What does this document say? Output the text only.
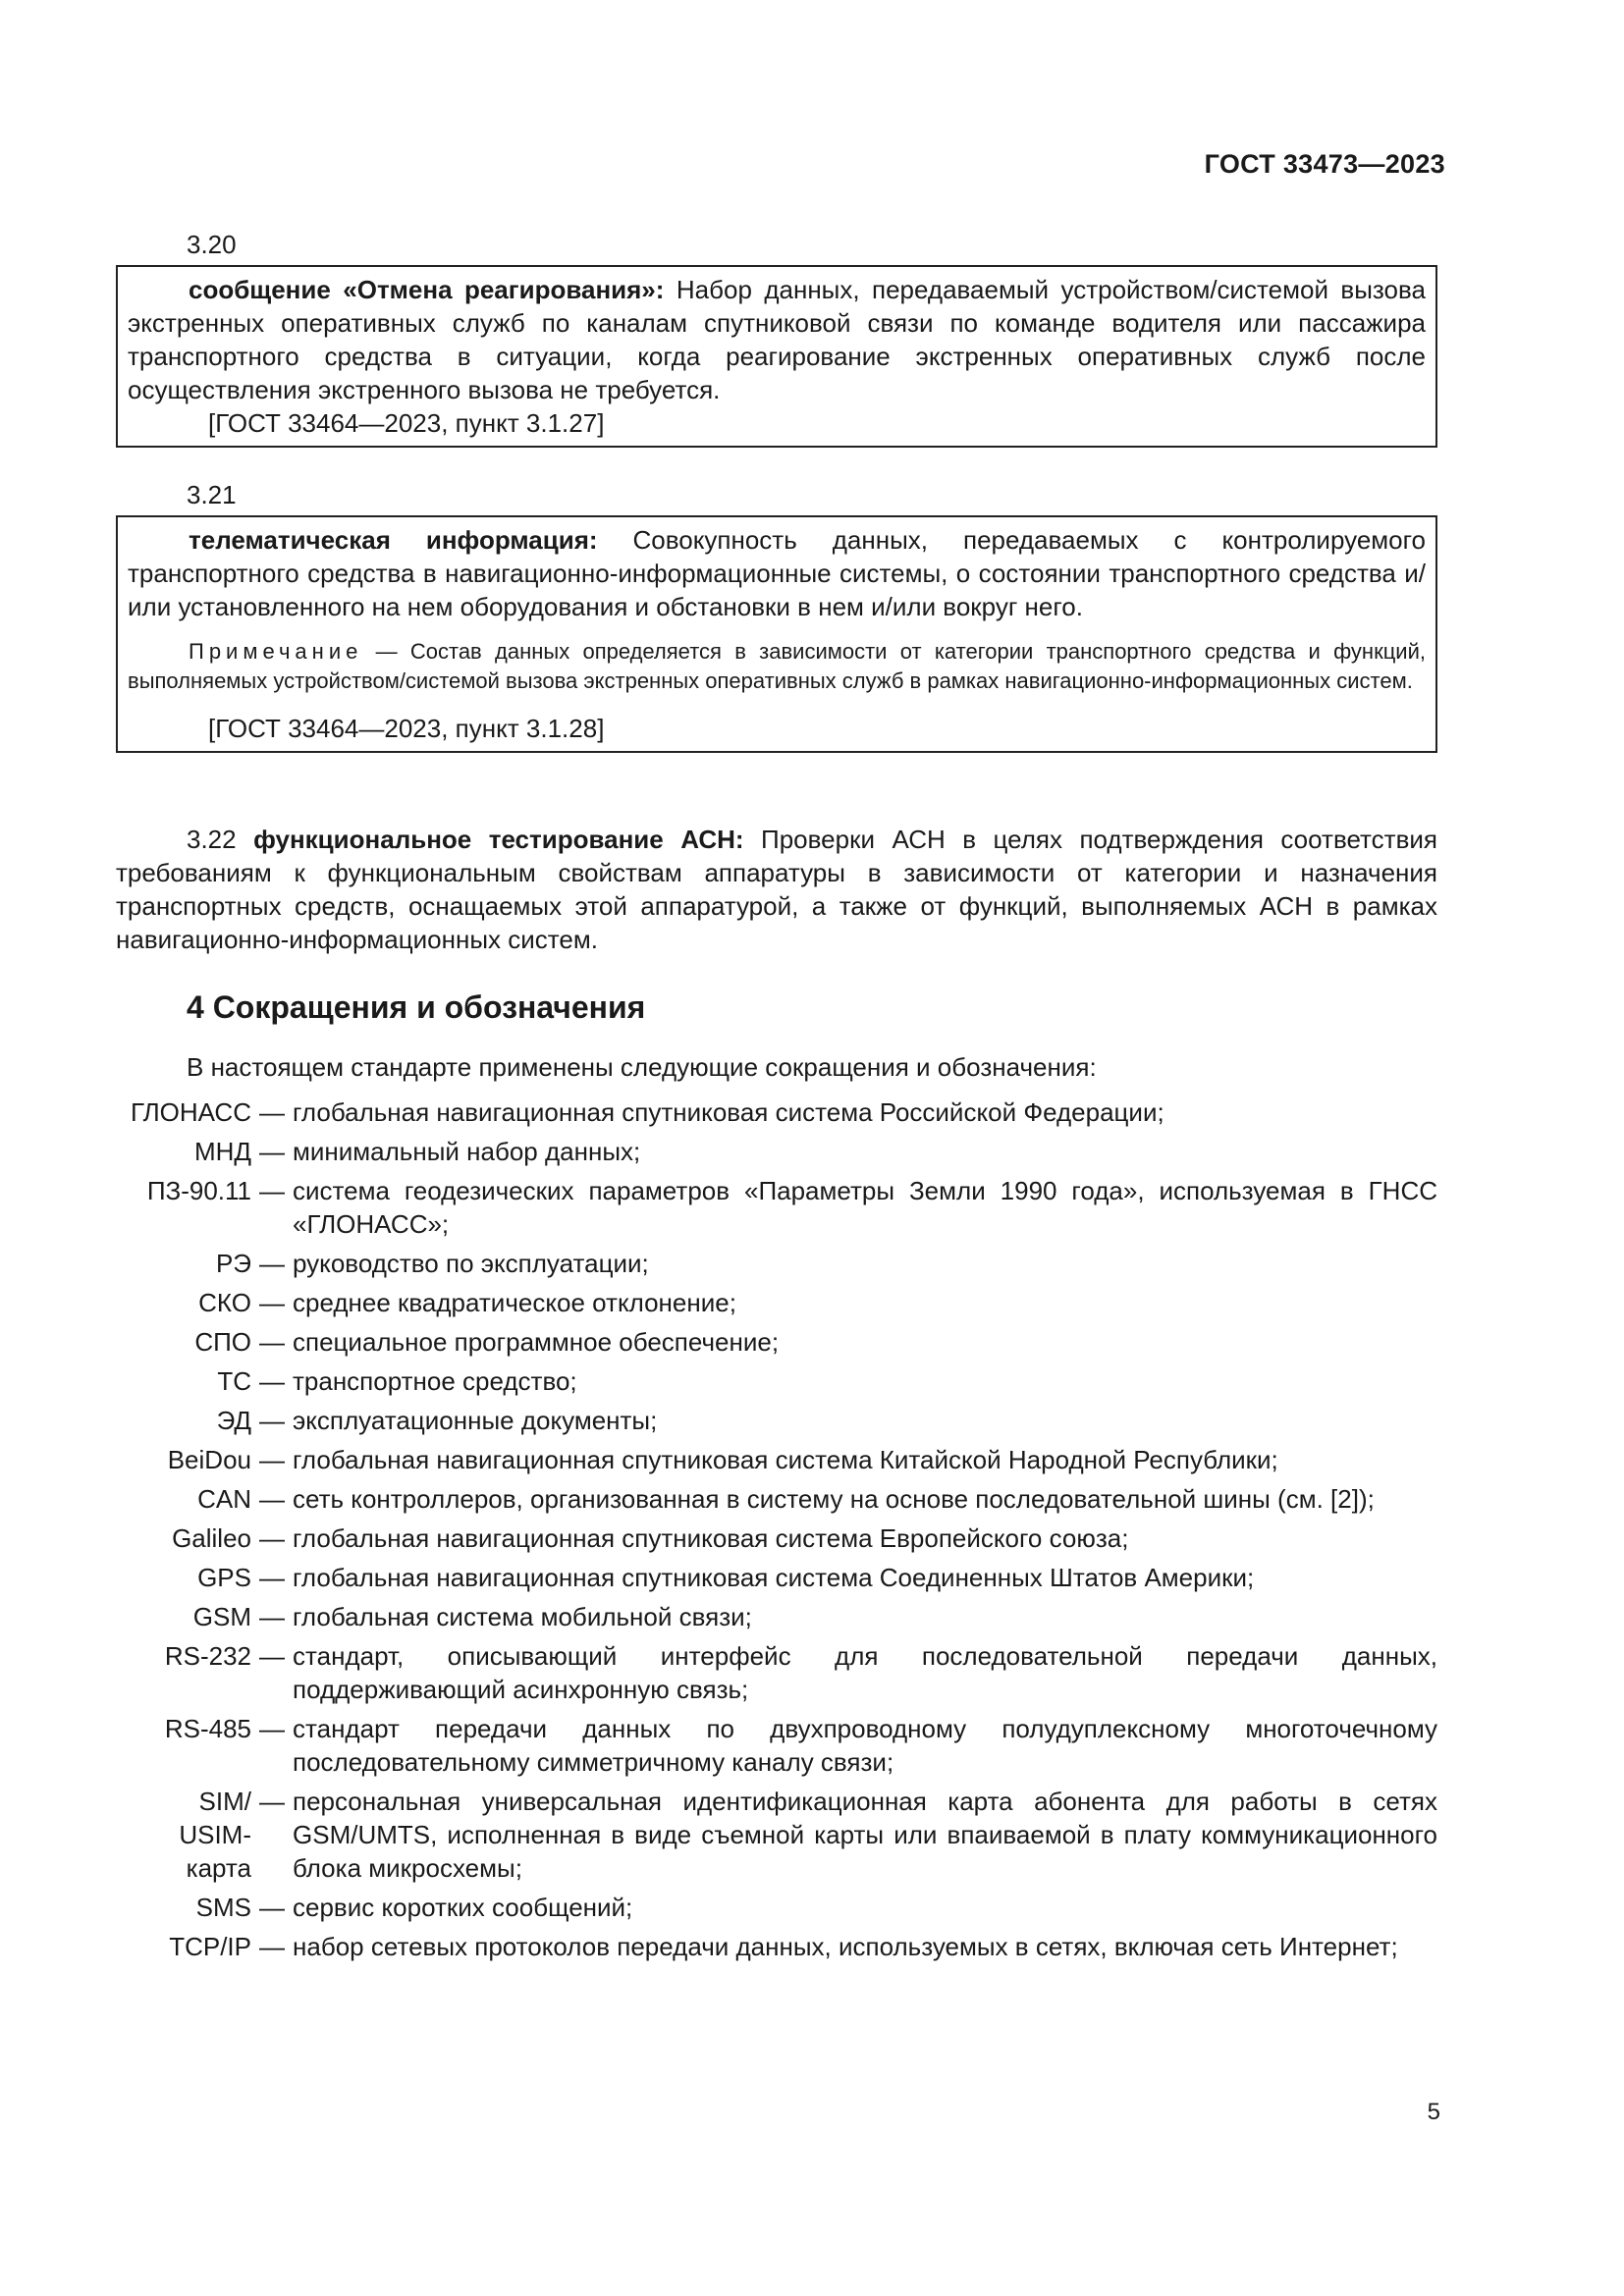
ГОСТ 33473—2023
3.20

сообщение «Отмена реагирования»: Набор данных, передаваемый устройством/системой вызова экстренных оперативных служб по каналам спутниковой связи по команде водителя или пассажира транспортного средства в ситуации, когда реагирование экстренных оперативных служб после осуществления экстренного вызова не требуется.

[ГОСТ 33464—2023, пункт 3.1.27]

3.21

телематическая информация: Совокупность данных, передаваемых с контролируемого транспортного средства в навигационно-информационные системы, о состоянии транспортного средства и/или установленного на нем оборудования и обстановки в нем и/или вокруг него.

Примечание — Состав данных определяется в зависимости от категории транспортного средства и функций, выполняемых устройством/системой вызова экстренных оперативных служб в рамках навигационно-информационных систем.

[ГОСТ 33464—2023, пункт 3.1.28]

3.22 функциональное тестирование АСН: Проверки АСН в целях подтверждения соответствия требованиям к функциональным свойствам аппаратуры в зависимости от категории и назначения транспортных средств, оснащаемых этой аппаратурой, а также от функций, выполняемых АСН в рамках навигационно-информационных систем.

4 Сокращения и обозначения

В настоящем стандарте применены следующие сокращения и обозначения:

ГЛОНАСС — глобальная навигационная спутниковая система Российской Федерации;
МНД — минимальный набор данных;
ПЗ-90.11 — система геодезических параметров «Параметры Земли 1990 года», используемая в ГНСС «ГЛОНАСС»;
РЭ — руководство по эксплуатации;
СКО — среднее квадратическое отклонение;
СПО — специальное программное обеспечение;
ТС — транспортное средство;
ЭД — эксплуатационные документы;
BeiDou — глобальная навигационная спутниковая система Китайской Народной Республики;
CAN — сеть контроллеров, организованная в систему на основе последовательной шины (см. [2]);
Galileo — глобальная навигационная спутниковая система Европейского союза;
GPS — глобальная навигационная спутниковая система Соединенных Штатов Америки;
GSM — глобальная система мобильной связи;
RS-232 — стандарт, описывающий интерфейс для последовательной передачи данных, поддерживающий асинхронную связь;
RS-485 — стандарт передачи данных по двухпроводному полудуплексному многоточечному последовательному симметричному каналу связи;
SIM/ USIM-карта
— персональная универсальная идентификационная карта абонента для работы в сетях GSM/UMTS, исполненная в виде съемной карты или впаиваемой в плату коммуникационного блока микросхемы;
SMS — сервис коротких сообщений;
TCP/IP — набор сетевых протоколов передачи данных, используемых в сетях, включая сеть Интернет;
5
